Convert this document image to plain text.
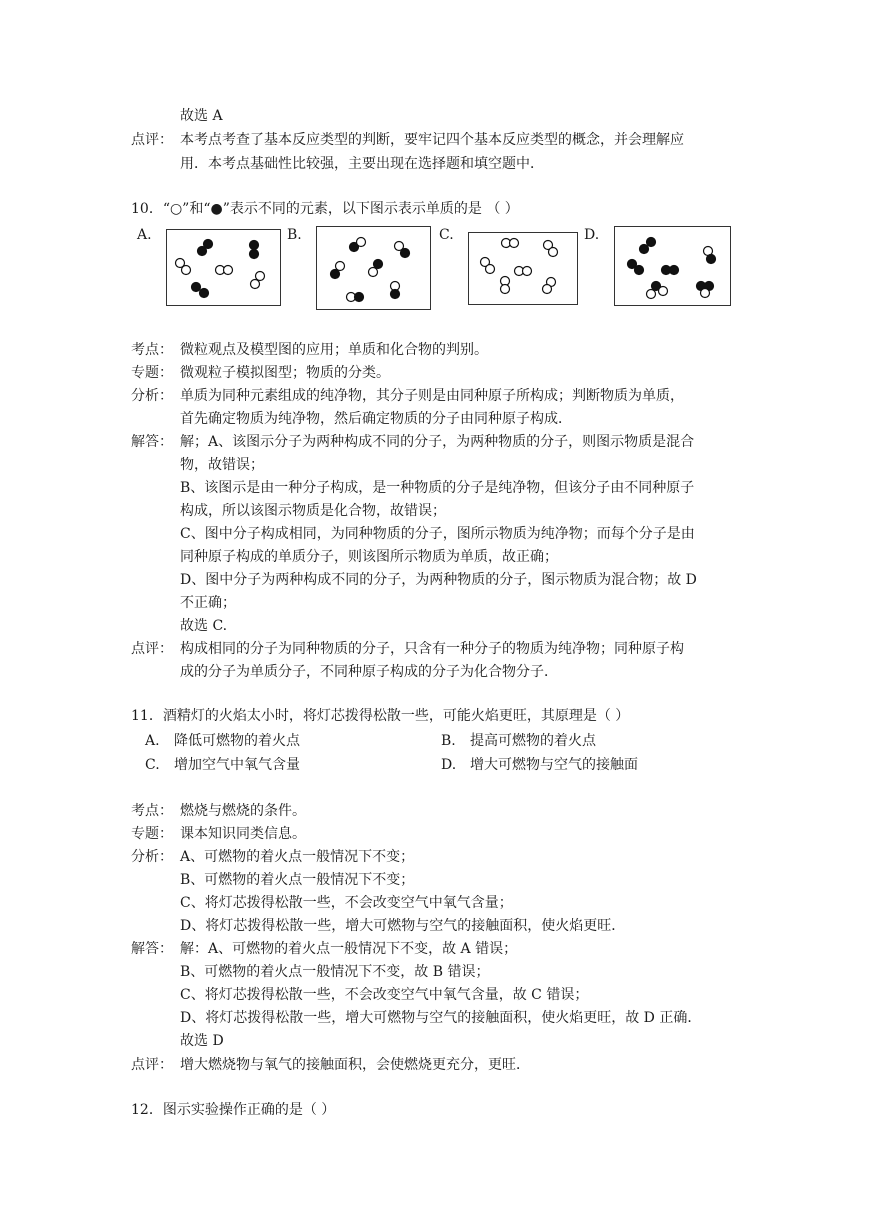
故选 A
点评： 本考点考查了基本反应类型的判断，要牢记四个基本反应类型的概念，并会理解应
用．本考点基础性比较强，主要出现在选择题和填空题中．
10．“○”和“●”表示不同的元素，以下图示表示单质的是 （ ）
A.	B.	C.	D.
考点： 微粒观点及模型图的应用；单质和化合物的判别。
专题： 微观粒子模拟图型；物质的分类。
分析： 单质为同种元素组成的纯净物，其分子则是由同种原子所构成；判断物质为单质，
首先确定物质为纯净物，然后确定物质的分子由同种原子构成．
解答： 解；A、该图示分子为两种构成不同的分子，为两种物质的分子，则图示物质是混合
物，故错误；
B、该图示是由一种分子构成，是一种物质的分子是纯净物，但该分子由不同种原子
构成，所以该图示物质是化合物，故错误；
C、图中分子构成相同，为同种物质的分子，图所示物质为纯净物；而每个分子是由
同种原子构成的单质分子，则该图所示物质为单质，故正确；
D、图中分子为两种构成不同的分子，为两种物质的分子，图示物质为混合物；故 D
不正确；
故选 C.
点评： 构成相同的分子为同种物质的分子，只含有一种分子的物质为纯净物；同种原子构
成的分子为单质分子，不同种原子构成的分子为化合物分子．
11．酒精灯的火焰太小时，将灯芯拨得松散一些，可能火焰更旺，其原理是（ ）
A. 降低可燃物的着火点	B. 提高可燃物的着火点
C. 增加空气中氧气含量	D. 增大可燃物与空气的接触面
考点： 燃烧与燃烧的条件。
专题： 课本知识同类信息。
分析： A、可燃物的着火点一般情况下不变；
B、可燃物的着火点一般情况下不变；
C、将灯芯拨得松散一些，不会改变空气中氧气含量；
D、将灯芯拨得松散一些，增大可燃物与空气的接触面积，使火焰更旺．
解答： 解：A、可燃物的着火点一般情况下不变，故 A 错误；
B、可燃物的着火点一般情况下不变，故 B 错误；
C、将灯芯拨得松散一些，不会改变空气中氧气含量，故 C 错误；
D、将灯芯拨得松散一些，增大可燃物与空气的接触面积，使火焰更旺，故 D 正确．
故选 D
点评： 增大燃烧物与氧气的接触面积，会使燃烧更充分，更旺．
12．图示实验操作正确的是（ ）
